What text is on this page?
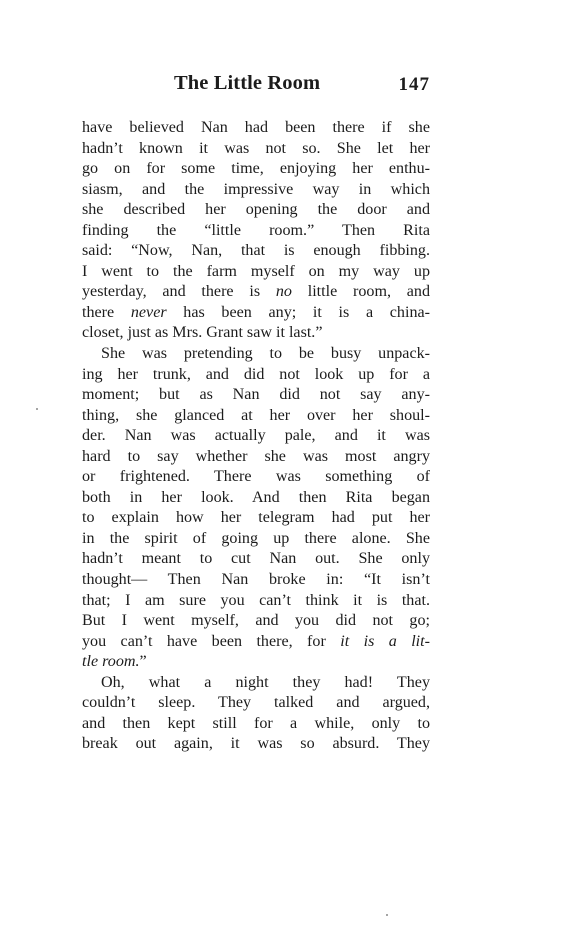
The Little Room	147
have believed Nan had been there if she
hadn’t known it was not so. She let her
go on for some time, enjoying her enthu-
siasm, and the impressive way in which
she described her opening the door and
finding the “little room.” Then Rita
said: “Now, Nan, that is enough fibbing.
I went to the farm myself on my way up
yesterday, and there is no little room, and
there never has been any; it is a china-
closet, just as Mrs. Grant saw it last.”
She was pretending to be busy unpack-
ing her trunk, and did not look up for a
moment; but as Nan did not say any-
thing, she glanced at her over her shoul-
der. Nan was actually pale, and it was
hard to say whether she was most angry
or frightened. There was something of
both in her look. And then Rita began
to explain how her telegram had put her
in the spirit of going up there alone. She
hadn’t meant to cut Nan out. She only
thought— Then Nan broke in: “It isn’t
that; I am sure you can’t think it is that.
But I went myself, and you did not go;
you can’t have been there, for it is a lit-
tle room.”
Oh, what a night they had! They
couldn’t sleep. They talked and argued,
and then kept still for a while, only to
break out again, it was so absurd. They
